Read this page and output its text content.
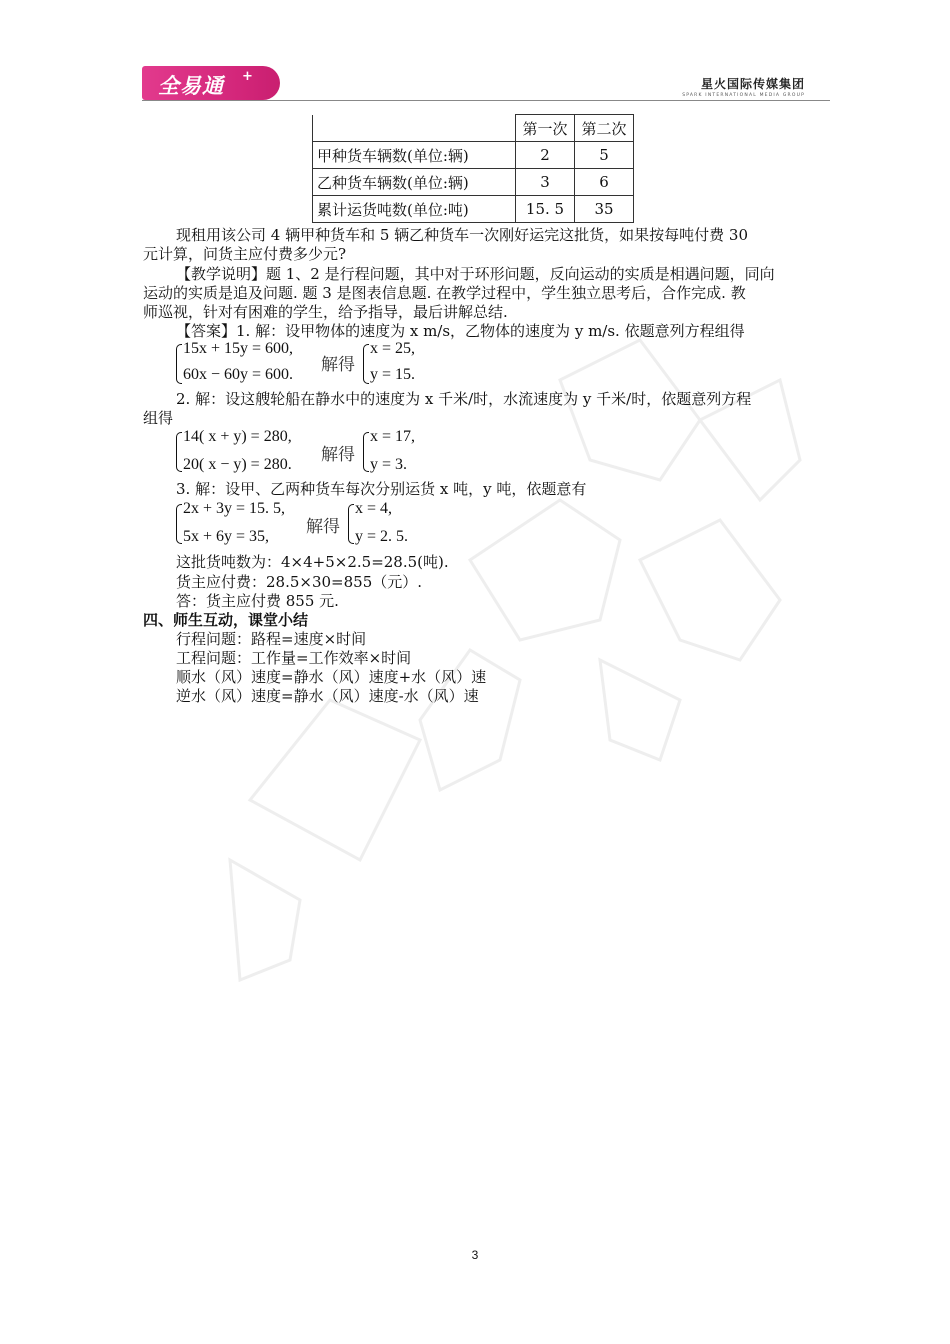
全易通 +	星火国际传媒集团
SPARK INTERNATIONAL MEDIA GROUP
	第一次	第二次
甲种货车辆数(单位:辆)	2	5
乙种货车辆数(单位:辆)	3	6
累计运货吨数(单位:吨)	15. 5	35
现租用该公司 4 辆甲种货车和 5 辆乙种货车一次刚好运完这批货，如果按每吨付费 30
元计算，问货主应付费多少元?
【教学说明】题 1、2 是行程问题，其中对于环形问题，反向运动的实质是相遇问题，同向
运动的实质是追及问题. 题 3 是图表信息题. 在教学过程中，学生独立思考后，合作完成. 教
师巡视，针对有困难的学生，给予指导，最后讲解总结.
【答案】1. 解：设甲物体的速度为 x m/s，乙物体的速度为 y m/s. 依题意列方程组得
15x + 15y = 600,
60x − 60y = 600. 解得
x = 25,
y = 15.
2. 解：设这艘轮船在静水中的速度为 x 千米/时，水流速度为 y 千米/时，依题意列方程
组得
14( x + y) = 280,
20( x − y) = 280. 解得
x = 17,
y = 3.
3. 解：设甲、乙两种货车每次分别运货 x 吨，y 吨，依题意有
2x + 3y = 15. 5,
5x + 6y = 35, 解得
x = 4,
y = 2. 5.
这批货吨数为：4×4+5×2.5=28.5(吨).
货主应付费：28.5×30=855（元）.
答：货主应付费 855 元.
四、师生互动，课堂小结
行程问题：路程=速度×时间
工程问题：工作量=工作效率×时间
顺水（风）速度=静水（风）速度+水（风）速
逆水（风）速度=静水（风）速度-水（风）速
3
